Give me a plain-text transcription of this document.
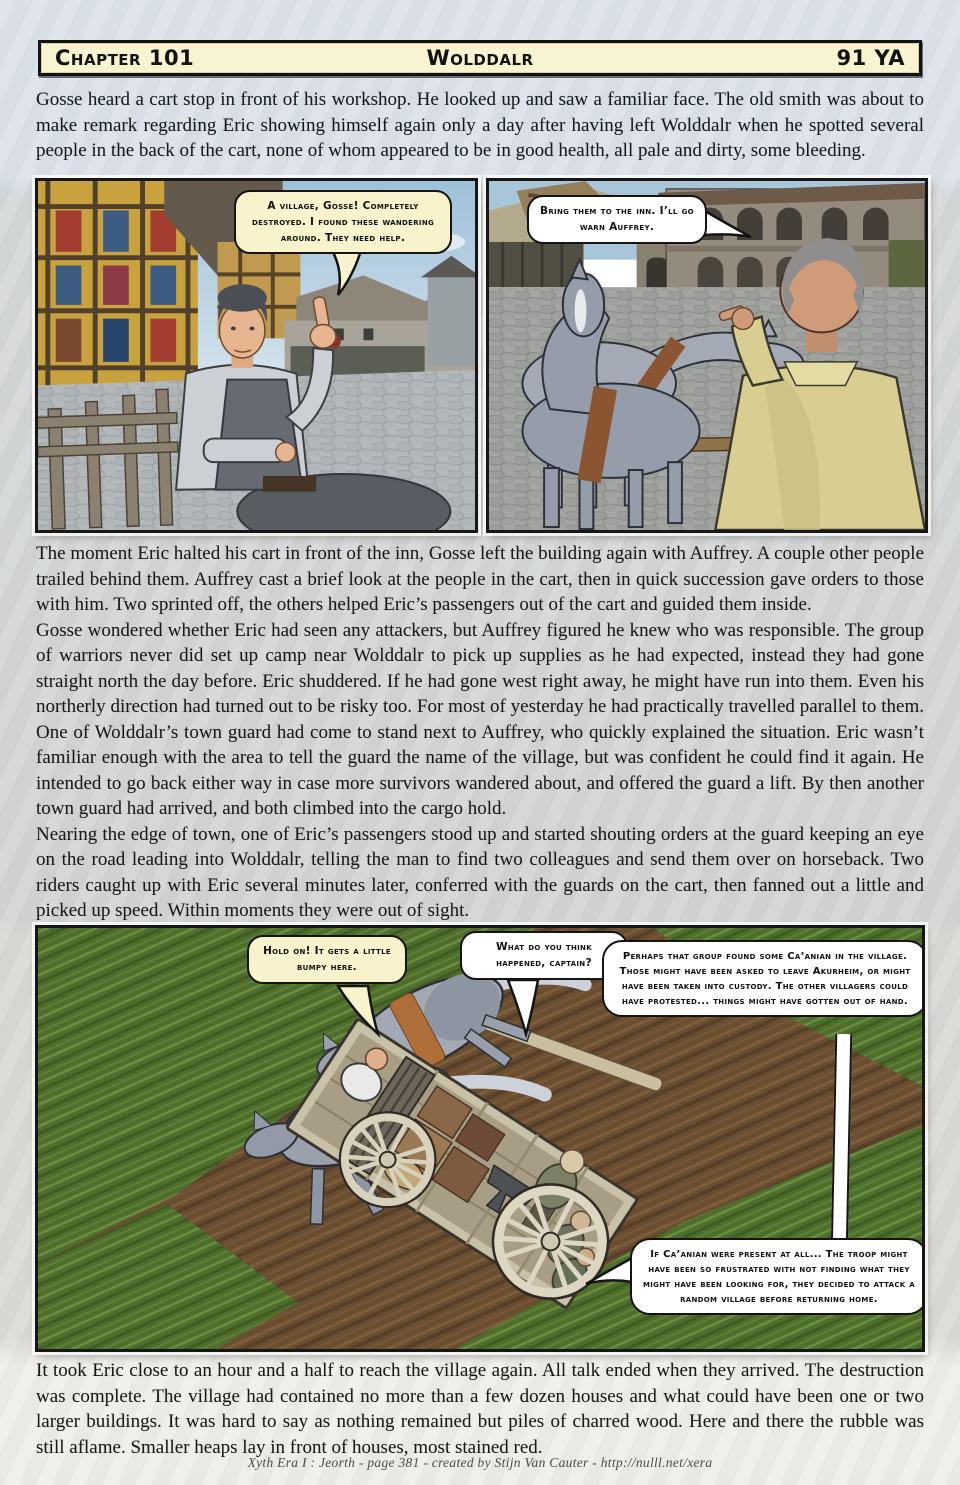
Chapter 101	Wolddalr	91 YA

Gosse heard a cart stop in front of his workshop. He looked up and saw a familiar face. The old smith was about to make remark regarding Eric showing himself again only a day after having left Wolddalr when he spotted several people in the back of the cart, none of whom appeared to be in good health, all pale and dirty, some bleeding.

A village, Gosse! Completely destroyed. I found these wandering around. They need help.
Bring them to the inn. I’ll go warn Auffrey.

The moment Eric halted his cart in front of the inn, Gosse left the building again with Auffrey. A couple other people trailed behind them. Auffrey cast a brief look at the people in the cart, then in quick succession gave orders to those with him. Two sprinted off, the others helped Eric’s passengers out of the cart and guided them inside.

Gosse wondered whether Eric had seen any attackers, but Auffrey figured he knew who was responsible. The group of warriors never did set up camp near Wolddalr to pick up supplies as he had expected, instead they had gone straight north the day before. Eric shuddered. If he had gone west right away, he might have run into them. Even his northerly direction had turned out to be risky too. For most of yesterday he had practically travelled parallel to them. One of Wolddalr’s town guard had come to stand next to Auffrey, who quickly explained the situation. Eric wasn’t familiar enough with the area to tell the guard the name of the village, but was confident he could find it again. He intended to go back either way in case more survivors wandered about, and offered the guard a lift. By then another town guard had arrived, and both climbed into the cargo hold.

Nearing the edge of town, one of Eric’s passengers stood up and started shouting orders at the guard keeping an eye on the road leading into Wolddalr, telling the man to find two colleagues and send them over on horseback. Two riders caught up with Eric several minutes later, conferred with the guards on the cart, then fanned out a little and picked up speed. Within moments they were out of sight.

Hold on! It gets a little bumpy here.
What do you think happened, captain?
Perhaps that group found some Ca’anian in the village. Those might have been asked to leave Akurheim, or might have been taken into custody. The other villagers could have protested... things might have gotten out of hand.
If Ca’anian were present at all... The troop might have been so frustrated with not finding what they might have been looking for, they decided to attack a random village before returning home.

It took Eric close to an hour and a half to reach the village again. All talk ended when they arrived. The destruction was complete. The village had contained no more than a few dozen houses and what could have been one or two larger buildings. It was hard to say as nothing remained but piles of charred wood. Here and there the rubble was still aflame. Smaller heaps lay in front of houses, most stained red.

Xyth Era I : Jeorth - page 381 - created by Stijn Van Cauter - http://nulll.net/xera
